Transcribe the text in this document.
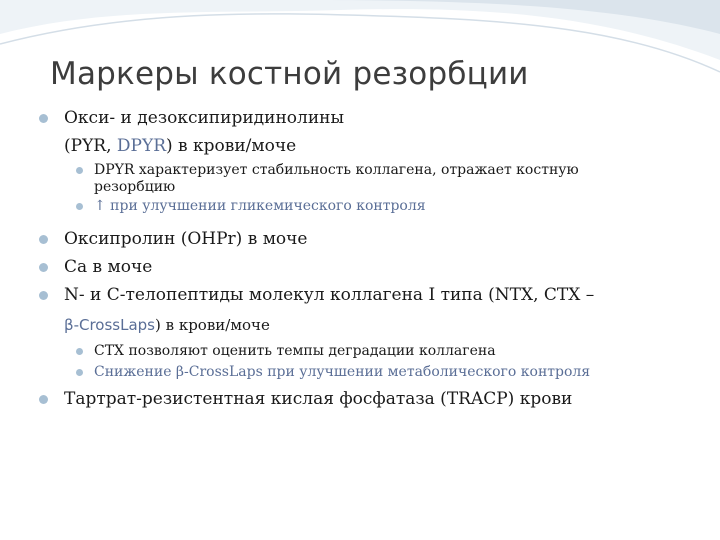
Маркеры костной резорбции
Окси- и дезоксипиридинолины
(PYR, DPYR) в крови/моче
DPYR характеризует стабильность коллагена, отражает костную
резорбцию
↑ при улучшении гликемического контроля
Оксипролин (OHPr) в моче
Ca в моче
N- и C-телопептиды молекул коллагена I типа (NTX, CTX –
β-CrossLaps) в крови/моче
CTX позволяют оценить темпы деградации коллагена
Снижение β-CrossLaps при улучшении метаболического контроля
Тартрат-резистентная кислая фосфатаза (TRACP) крови
